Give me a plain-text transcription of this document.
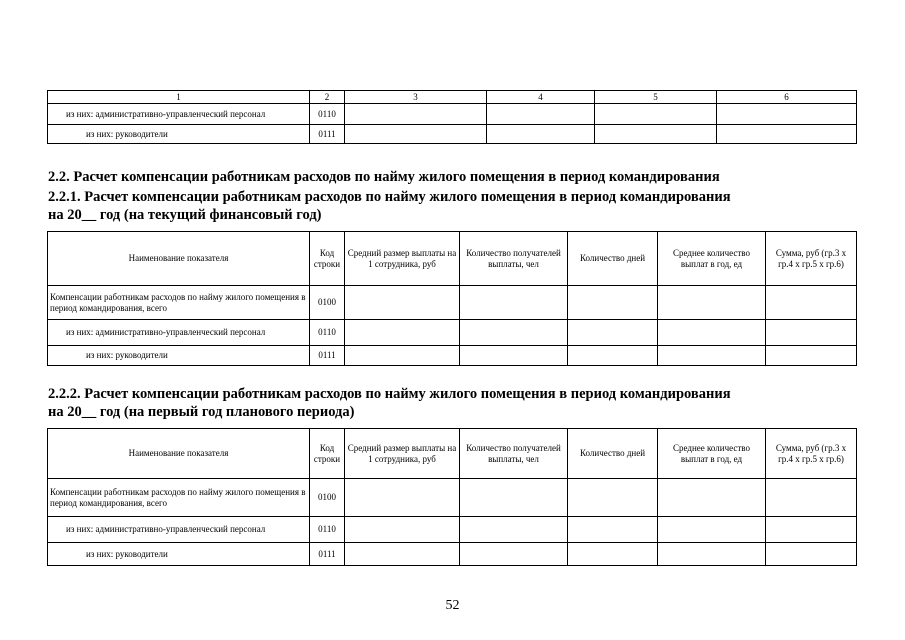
1	2	3	4	5	6
из них: административно-управленческий персонал	0110				
из них: руководители	0111				

2.2. Расчет компенсации работникам расходов по найму жилого помещения в период командирования

2.2.1. Расчет компенсации работникам расходов по найму жилого помещения в период командирования

на 20__ год (на текущий финансовый год)

Наименование показателя	Код строки	Средний размер выплаты на 1 сотрудника, руб	Количество получателей выплаты, чел	Количество дней	Среднее количество выплат в год, ед	Сумма, руб (гр.3 х гр.4 х гр.5 х гр.6)
Компенсации работникам расходов по найму жилого помещения в период командирования, всего	0100					
из них: административно-управленческий персонал	0110					
из них: руководители	0111					

2.2.2. Расчет компенсации работникам расходов по найму жилого помещения в период командирования

на 20__ год (на первый год планового периода)

Наименование показателя	Код строки	Средний размер выплаты на 1 сотрудника, руб	Количество получателей выплаты, чел	Количество дней	Среднее количество выплат в год, ед	Сумма, руб (гр.3 х гр.4 х гр.5 х гр.6)
Компенсации работникам расходов по найму жилого помещения в период командирования, всего	0100					
из них: административно-управленческий персонал	0110					
из них: руководители	0111					
52
